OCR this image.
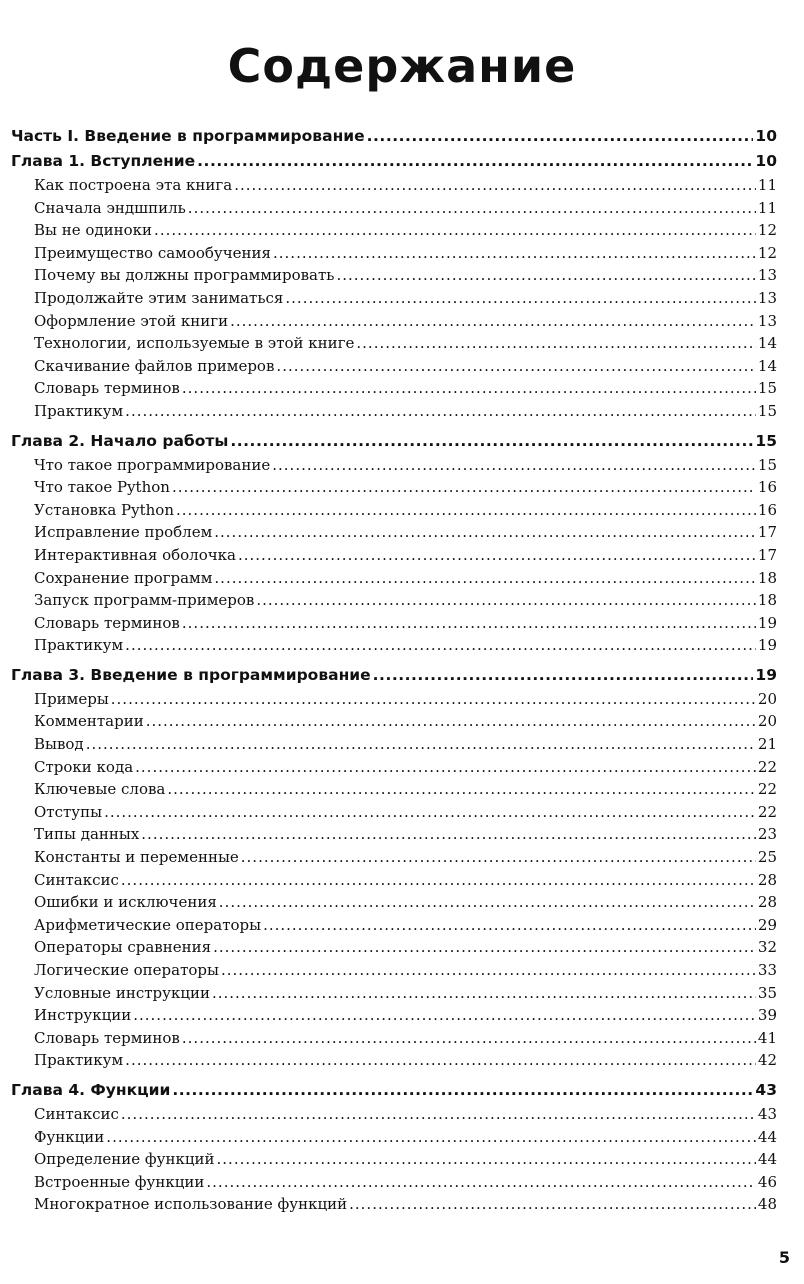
Содержание
Часть I. Введение в программирование .....	10
Глава 1. Вступление .....	10
Как построена эта книга .....	11
Сначала эндшпиль .....	11
Вы не одиноки .....	12
Преимущество самообучения .....	12
Почему вы должны программировать .....	13
Продолжайте этим заниматься .....	13
Оформление этой книги .....	13
Технологии, используемые в этой книге .....	14
Скачивание файлов примеров .....	14
Словарь терминов .....	15
Практикум .....	15
Глава 2. Начало работы .....	15
Что такое программирование .....	15
Что такое Python .....	16
Установка Python .....	16
Исправление проблем .....	17
Интерактивная оболочка .....	17
Сохранение программ .....	18
Запуск программ-примеров .....	18
Словарь терминов .....	19
Практикум .....	19
Глава 3. Введение в программирование .....	19
Примеры .....	20
Комментарии .....	20
Вывод .....	21
Строки кода .....	22
Ключевые слова .....	22
Отступы .....	22
Типы данных .....	23
Константы и переменные .....	25
Синтаксис .....	28
Ошибки и исключения .....	28
Арифметические операторы .....	29
Операторы сравнения .....	32
Логические операторы .....	33
Условные инструкции .....	35
Инструкции .....	39
Словарь терминов .....	41
Практикум .....	42
Глава 4. Функции .....	43
Синтаксис .....	43
Функции .....	44
Определение функций .....	44
Встроенные функции .....	46
Многократное использование функций .....	48
5
